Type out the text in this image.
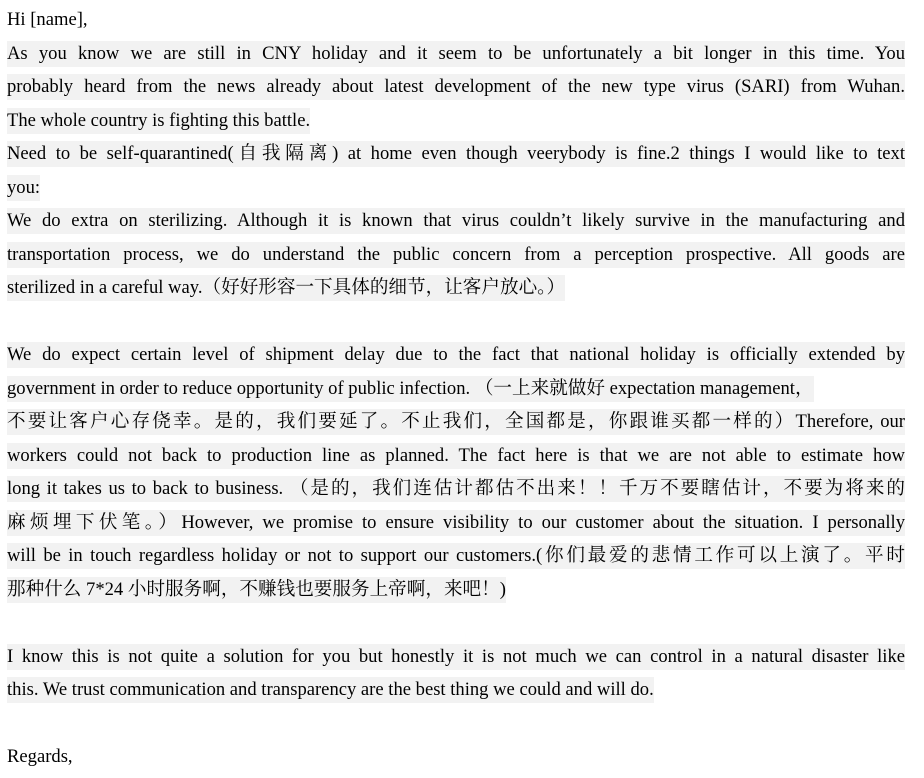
Hi [name],
As you know we are still in CNY holiday and it seem to be unfortunately a bit longer in this time. You
probably heard from the news already about latest development of the new type virus (SARI) from Wuhan.
The whole country is fighting this battle.
Need to be self-quarantined(自我隔离) at home even though veerybody is fine.2 things I would like to text
you:
We do extra on sterilizing. Although it is known that virus couldn’t likely survive in the manufacturing and
transportation process, we do understand the public concern from a perception prospective. All goods are
sterilized in a careful way.（好好形容一下具体的细节，让客户放心。）
We do expect certain level of shipment delay due to the fact that national holiday is officially extended by
government in order to reduce opportunity of public infection. （一上来就做好 expectation management，
不要让客户心存侥幸。是的，我们要延了。不止我们，全国都是，你跟谁买都一样的）Therefore, our
workers could not back to production line as planned. The fact here is that we are not able to estimate how
long it takes us to back to business. （是的，我们连估计都估不出来！！千万不要瞎估计，不要为将来的
麻烦埋下伏笔。）However, we promise to ensure visibility to our customer about the situation. I personally
will be in touch regardless holiday or not to support our customers.(你们最爱的悲情工作可以上演了。平时
那种什么 7*24 小时服务啊，不赚钱也要服务上帝啊，来吧！)
I know this is not quite a solution for you but honestly it is not much we can control in a natural disaster like
this. We trust communication and transparency are the best thing we could and will do.
Regards,
